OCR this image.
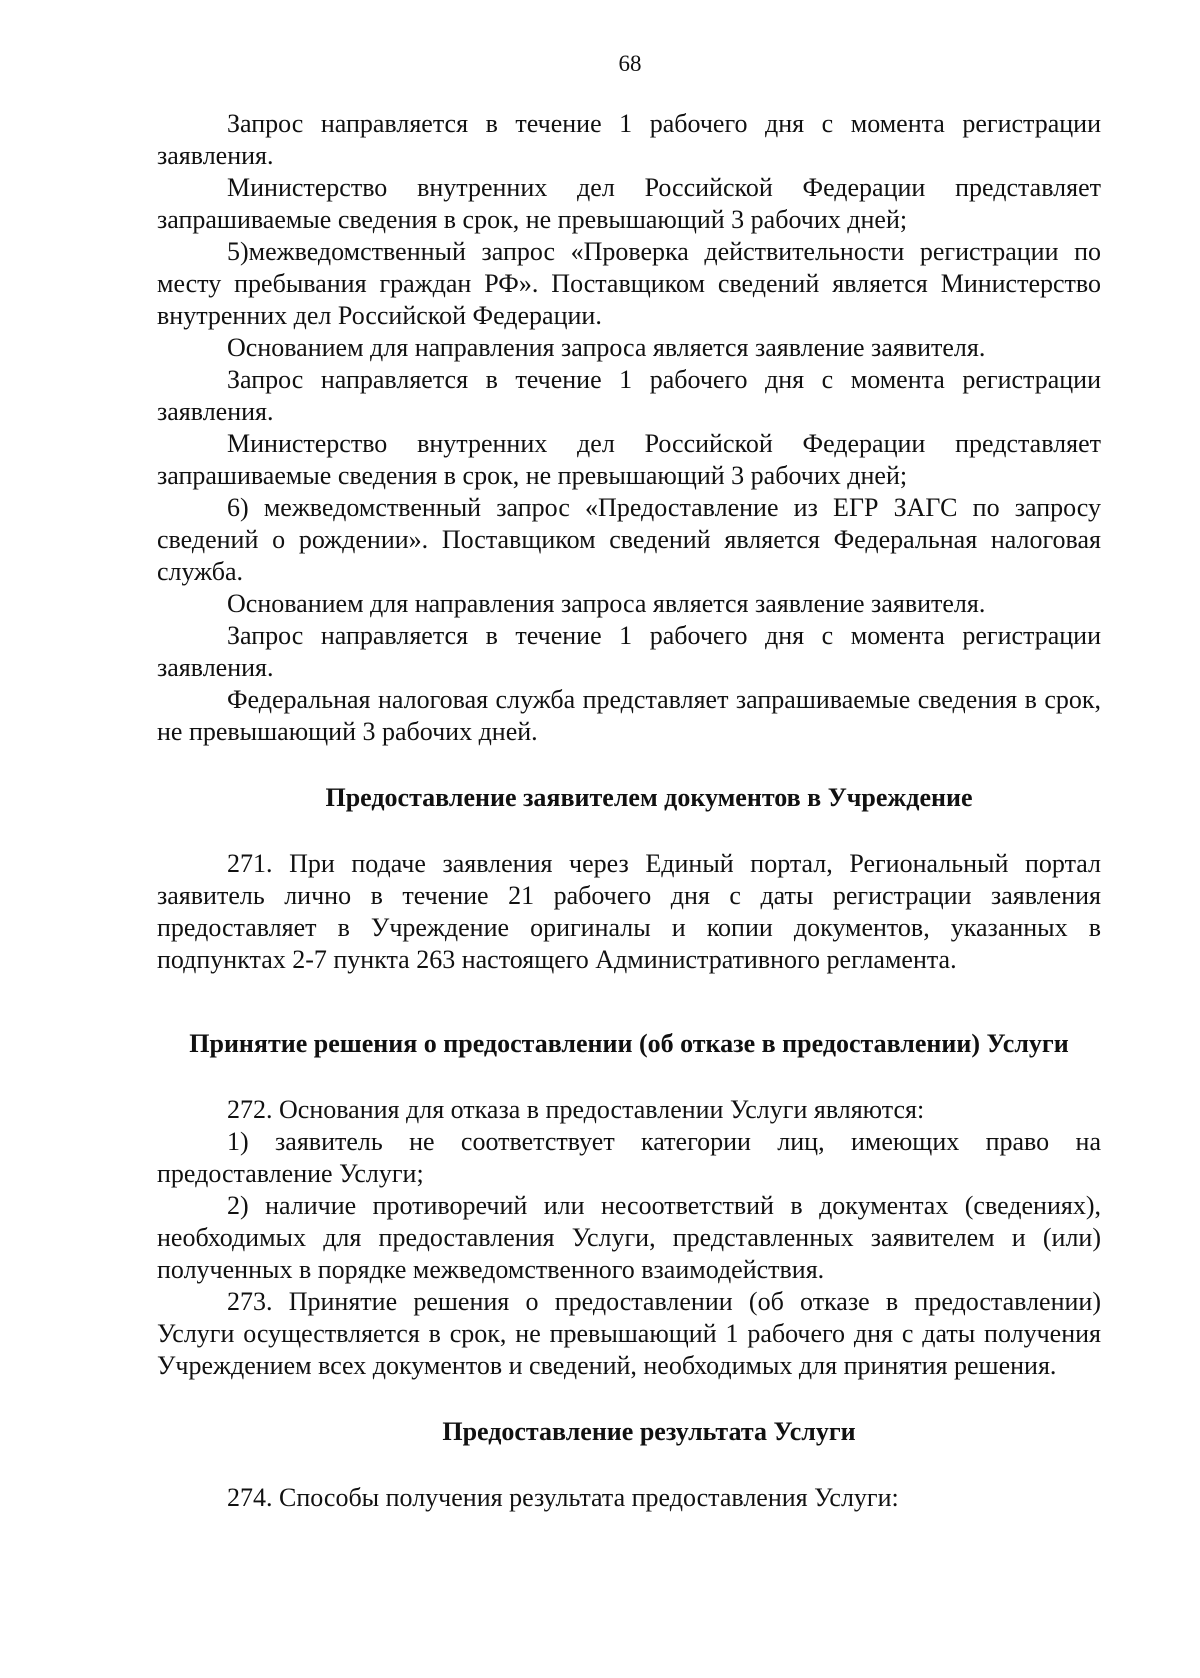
68

Запрос направляется в течение 1 рабочего дня с момента регистрации заявления.

Министерство внутренних дел Российской Федерации представляет запрашиваемые сведения в срок, не превышающий 3 рабочих дней;

5)межведомственный запрос «Проверка действительности регистрации по месту пребывания граждан РФ». Поставщиком сведений является Министерство внутренних дел Российской Федерации.

Основанием для направления запроса является заявление заявителя.

Запрос направляется в течение 1 рабочего дня с момента регистрации заявления.

Министерство внутренних дел Российской Федерации представляет запрашиваемые сведения в срок, не превышающий 3 рабочих дней;

6) межведомственный запрос «Предоставление из ЕГР ЗАГС по запросу сведений о рождении». Поставщиком сведений является Федеральная налоговая служба.

Основанием для направления запроса является заявление заявителя.

Запрос направляется в течение 1 рабочего дня с момента регистрации заявления.

Федеральная налоговая служба представляет запрашиваемые сведения в срок, не превышающий 3 рабочих дней.

Предоставление заявителем документов в Учреждение

271. При подаче заявления через Единый портал, Региональный портал заявитель лично в течение 21 рабочего дня с даты регистрации заявления предоставляет в Учреждение оригиналы и копии документов, указанных в подпунктах 2-7 пункта 263 настоящего Административного регламента.

Принятие решения о предоставлении (об отказе в предоставлении) Услуги

272. Основания для отказа в предоставлении Услуги являются:

1) заявитель не соответствует категории лиц, имеющих право на предоставление Услуги;

2) наличие противоречий или несоответствий в документах (сведениях), необходимых для предоставления Услуги, представленных заявителем и (или) полученных в порядке межведомственного взаимодействия.

273. Принятие решения о предоставлении (об отказе в предоставлении) Услуги осуществляется в срок, не превышающий 1 рабочего дня с даты получения Учреждением всех документов и сведений, необходимых для принятия решения.

Предоставление результата Услуги

274. Способы получения результата предоставления Услуги:
